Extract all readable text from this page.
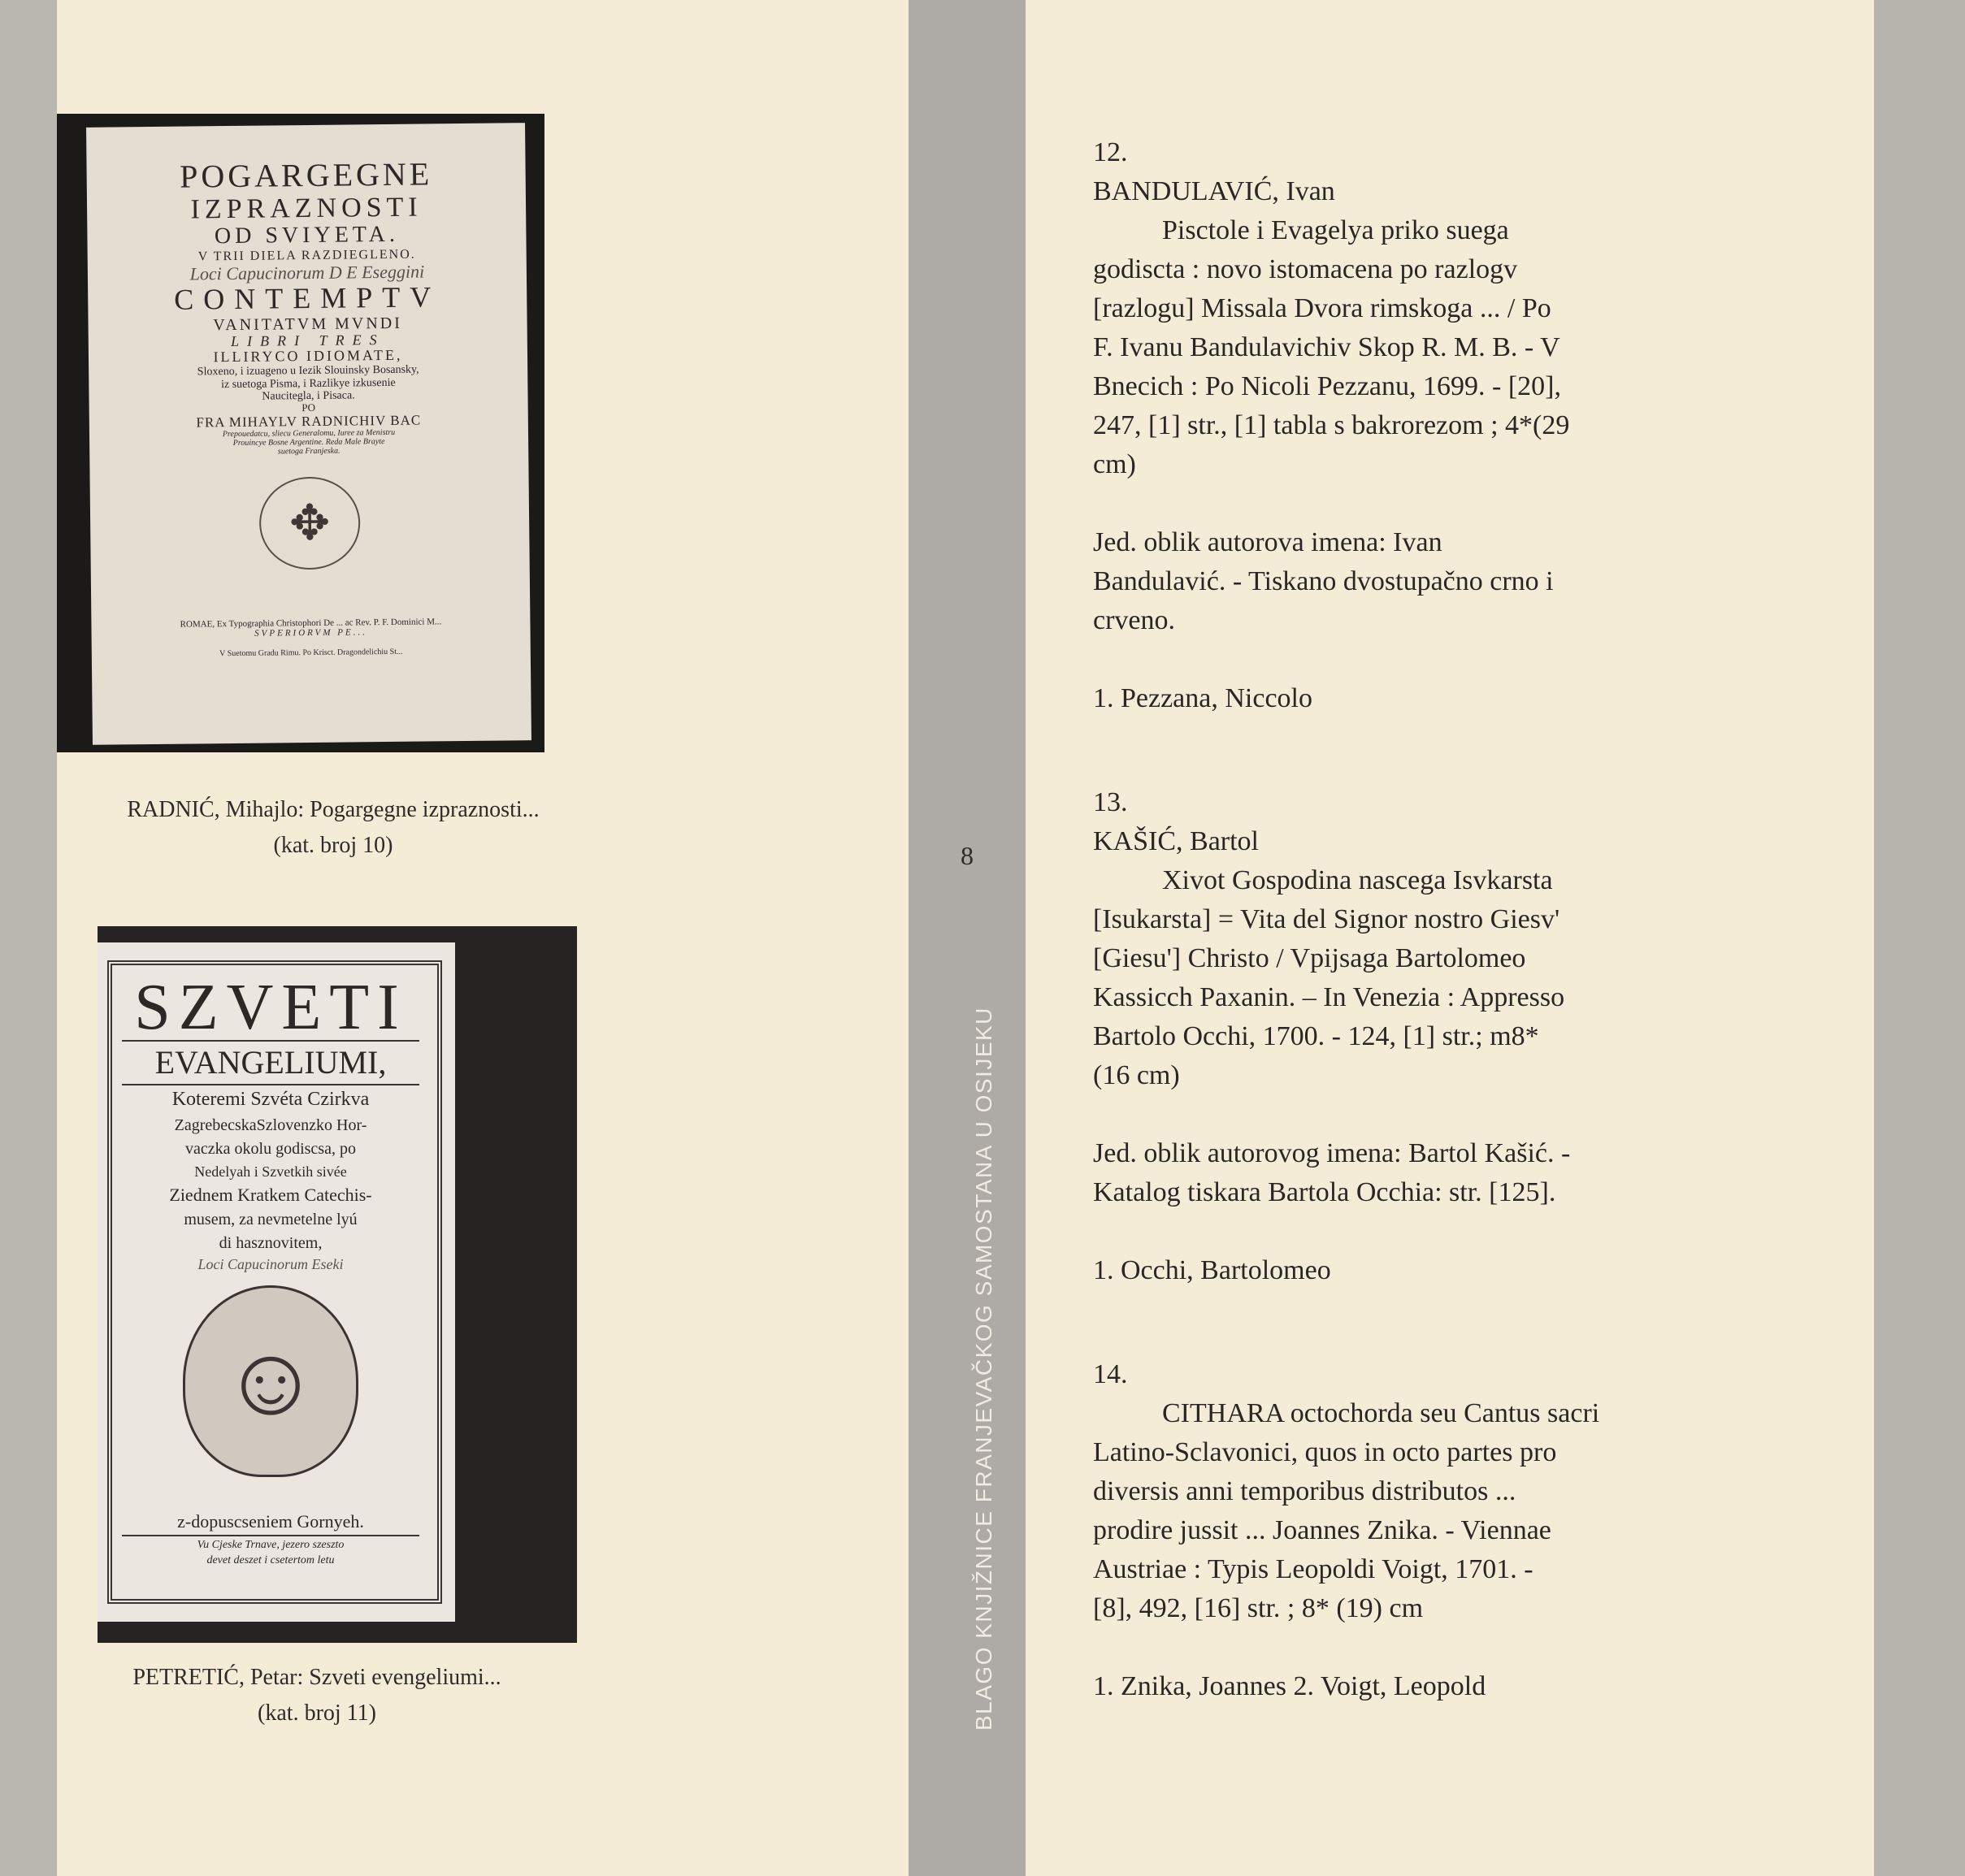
POGARGEGNE
IZPRAZNOSTI
OD SVIYETA.
V TRII DIELA RAZDIEGLENO.
Loci Capucinorum D E Eseggini
CONTEMPTV
VANITATVM MVNDI
LIBRI TRES
ILLIRYCO IDIOMATE,
Sloxeno, i izuageno u Iezik Slouinsky Bosansky,
iz suetoga Pisma, i Razlikye izkusenie
Naucitegla, i Pisaca.
PO
FRA MIHAYLV RADNICHIV BAC
Prepouedatcu, sliecu Generalomu, Iuree za Menistru
Prouincye Bosne Argentine. Reda Male Brayte
suetoga Franjeska.
✥
ROMAE, Ex Typographia Christophori De ... ac Rev. P. F. Dominici M...
SVPERIORVM PE...
V Suetomu Gradu Rimu. Po Krisct. Dragondelichiu St...
RADNIĆ, Mihajlo: Pogargegne izpraznosti...
(kat. broj 10)
SZVETI
EVANGELIUMI,
Koteremi Szvéta Czirkva
ZagrebecskaSzlovenzko Hor-
vaczka okolu godiscsa, po
Nedelyah i Szvetkih sivée
Ziednem Kratkem Catechis-
musem, za nevmetelne lyú
di hasznovitem,
Loci Capucinorum Eseki
☺
z-dopuscseniem Gornyeh.
Vu Cjeske Trnave, jezero szeszto
devet deszet i csetertom letu
PETRETIĆ, Petar: Szveti evengeliumi...
(kat. broj 11)
8
BLAGO KNJIŽNICE FRANJEVAČKOG SAMOSTANA U OSIJEKU
12.
BANDULAVIĆ, Ivan
Pisctole i Evagelya priko suega
godiscta : novo istomacena po razlogv
[razlogu] Missala Dvora rimskoga ... / Po
F. Ivanu Bandulavichiv Skop R. M. B. - V
Bnecich : Po Nicoli Pezzanu, 1699. - [20],
247, [1] str., [1] tabla s bakrorezom ; 4*(29
cm)
Jed. oblik autorova imena: Ivan
Bandulavić. - Tiskano dvostupačno crno i
crveno.
1. Pezzana, Niccolo
13.
KAŠIĆ, Bartol
Xivot Gospodina nascega Isvkarsta
[Isukarsta] = Vita del Signor nostro Giesv'
[Giesu'] Christo / Vpijsaga Bartolomeo
Kassicch Paxanin. – In Venezia : Appresso
Bartolo Occhi, 1700. - 124, [1] str.; m8*
(16 cm)
Jed. oblik autorovog imena: Bartol Kašić. -
Katalog tiskara Bartola Occhia: str. [125].
1. Occhi, Bartolomeo
14.
CITHARA octochorda seu Cantus sacri
Latino-Sclavonici, quos in octo partes pro
diversis anni temporibus distributos ...
prodire jussit ... Joannes Znika. - Viennae
Austriae : Typis Leopoldi Voigt, 1701. -
[8], 492, [16] str. ; 8* (19) cm
1. Znika, Joannes 2. Voigt, Leopold
